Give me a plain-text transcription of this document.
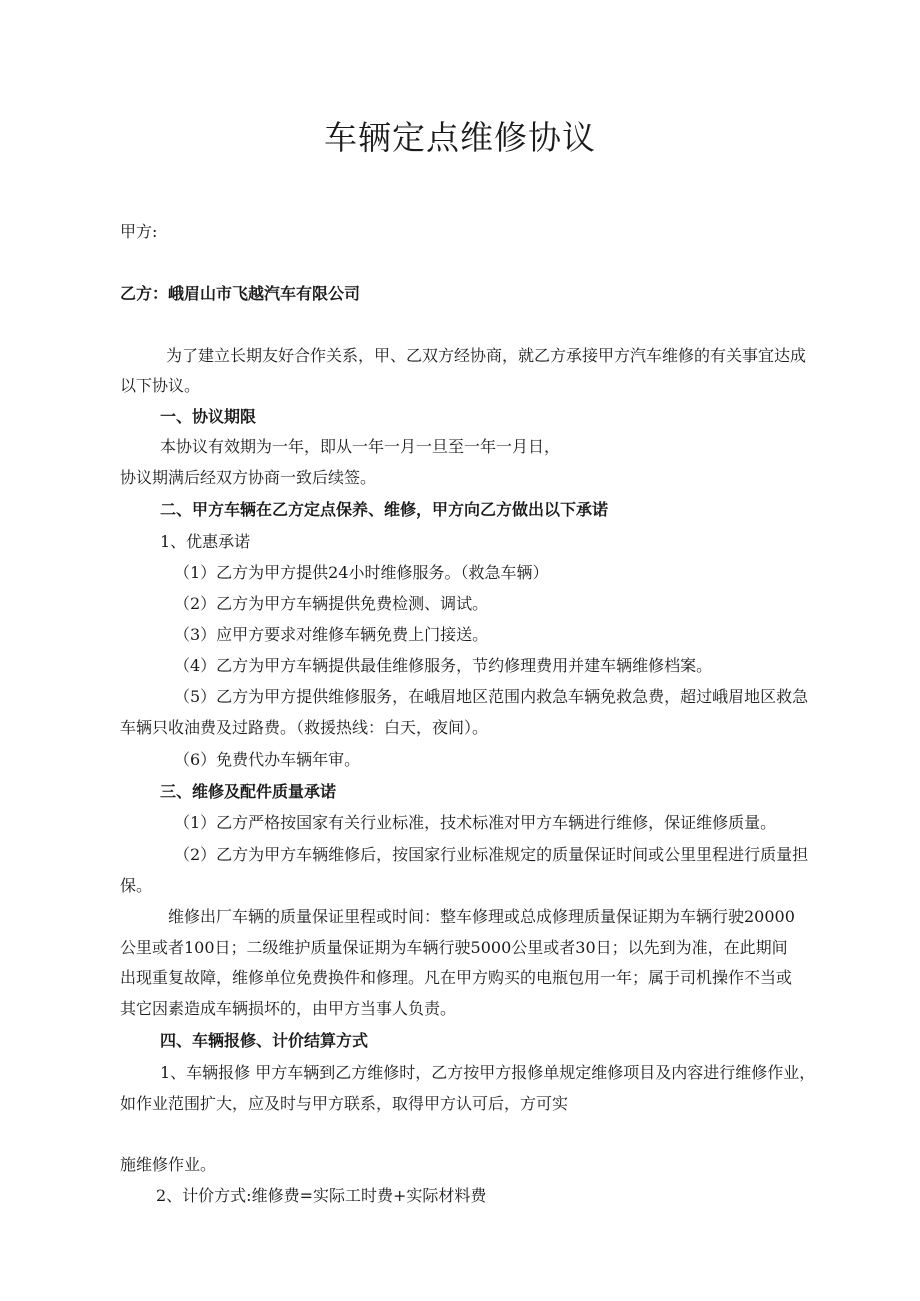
车辆定点维修协议

甲方:

乙方：峨眉山市飞越汽车有限公司

为了建立长期友好合作关系，甲、乙双方经协商，就乙方承接甲方汽车维修的有关事宜达成

以下协议。

一、协议期限

本协议有效期为一年，即从一年一月一旦至一年一月日，

协议期满后经双方协商一致后续签。

二、甲方车辆在乙方定点保养、维修，甲方向乙方做出以下承诺

1、优惠承诺

（1）乙方为甲方提供24小时维修服务。（救急车辆）

（2）乙方为甲方车辆提供免费检测、调试。

（3）应甲方要求对维修车辆免费上门接送。

（4）乙方为甲方车辆提供最佳维修服务，节约修理费用并建车辆维修档案。

（5）乙方为甲方提供维修服务，在峨眉地区范围内救急车辆免救急费，超过峨眉地区救急

车辆只收油费及过路费。（救援热线：白天，夜间）。

（6）免费代办车辆年审。

三、维修及配件质量承诺

（1）乙方严格按国家有关行业标准，技术标准对甲方车辆进行维修，保证维修质量。

（2）乙方为甲方车辆维修后，按国家行业标准规定的质量保证时间或公里里程进行质量担

保。

维修出厂车辆的质量保证里程或时间：整车修理或总成修理质量保证期为车辆行驶20000

公里或者100日；二级维护质量保证期为车辆行驶5000公里或者30日；以先到为准，在此期间

出现重复故障，维修单位免费换件和修理。凡在甲方购买的电瓶包用一年；属于司机操作不当或

其它因素造成车辆损坏的，由甲方当事人负责。

四、车辆报修、计价结算方式

1、车辆报修 甲方车辆到乙方维修时，乙方按甲方报修单规定维修项目及内容进行维修作业，

如作业范围扩大，应及时与甲方联系，取得甲方认可后，方可实

施维修作业。

2、计价方式:维修费=实际工时费+实际材料费
